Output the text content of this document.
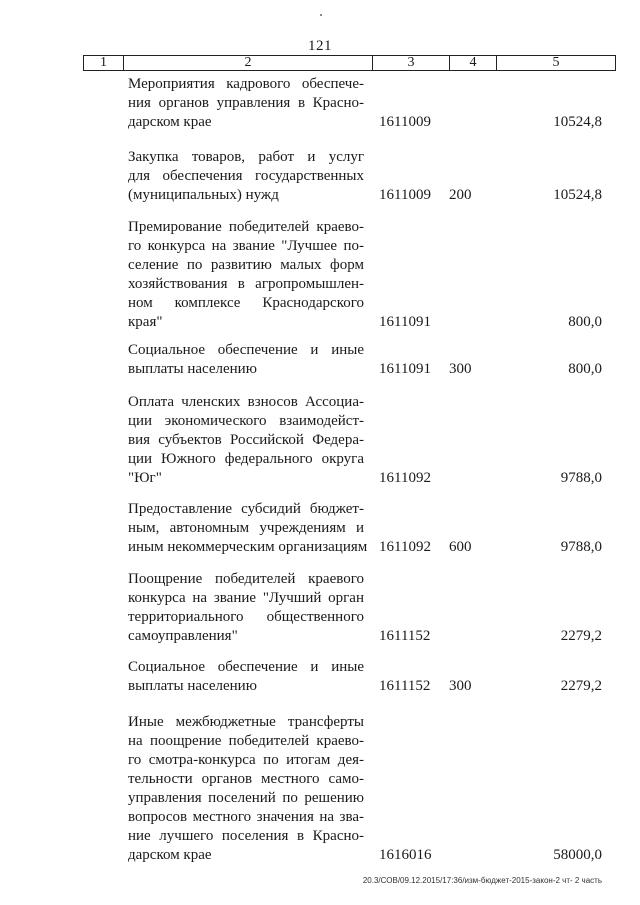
121
1	2	3	4	5
Мероприятия кадрового обеспече-
ния органов управления в Красно-
дарском крае	1611009	10524,8
Закупка товаров, работ и услуг
для обеспечения государственных
(муниципальных) нужд	1611009 200	10524,8
Премирование победителей краево-
го конкурса на звание "Лучшее по-
селение по развитию малых форм
хозяйствования в агропромышлен-
ном комплексе Краснодарского
края"	1611091	800,0
Социальное обеспечение и иные
выплаты населению	1611091 300	800,0
Оплата членских взносов Ассоциа-
ции экономического взаимодейст-
вия субъектов Российской Федера-
ции Южного федерального округа
"Юг"	1611092	9788,0
Предоставление субсидий бюджет-
ным, автономным учреждениям и
иным некоммерческим организациям 1611092 600	9788,0
Поощрение победителей краевого
конкурса на звание "Лучший орган
территориального общественного
самоуправления"	1611152	2279,2
Социальное обеспечение и иные
выплаты населению	1611152 300	2279,2
Иные межбюджетные трансферты
на поощрение победителей краево-
го смотра-конкурса по итогам дея-
тельности органов местного само-
управления поселений по решению
вопросов местного значения на зва-
ние лучшего поселения в Красно-
дарском крае	1616016	58000,0
20.3/СОВ/09.12.2015/17:36/изм-бюджет-2015-закон-2 чт- 2 часть
